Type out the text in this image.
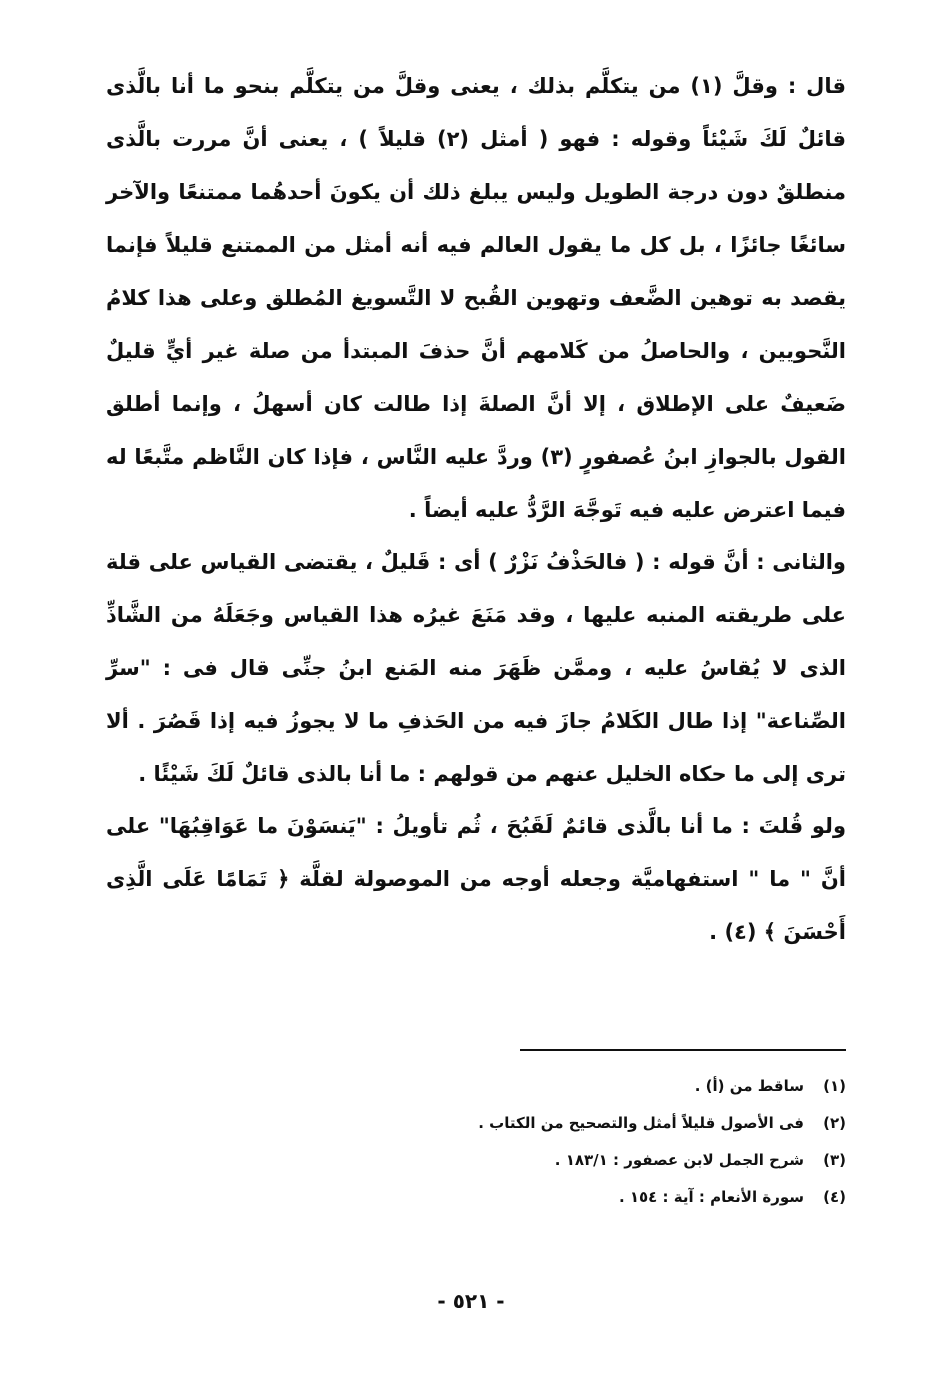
قال : وقلَّ (١) من يتكلَّم بذلك ، يعنى وقلَّ من يتكلَّم بنحو ما أنا بالَّذى قائلٌ لَكَ شَيْئاً وقوله : فهو ( أمثل (٢) قليلاً ) ، يعنى أنَّ مررت بالَّذى منطلقٌ دون درجة الطويل وليس يبلغ ذلك أن يكونَ أحدهُما ممتنعًا والآخر سائغًا جائزًا ، بل كل ما يقول العالم فيه أنه أمثل من الممتنع قليلاً فإنما يقصد به توهين الضَّعف وتهوين القُبح لا التَّسويغ المُطلق وعلى هذا كلامُ النَّحويين ، والحاصلُ من كَلامهم أنَّ حذفَ المبتدأ من صلة غير أيٍّ قليلٌ ضَعيفٌ على الإطلاق ، إلا أنَّ الصلةَ إذا طالت كان أسهلُ ، وإنما أطلق القول بالجوازِ ابنُ عُصفورٍ (٣) وردَّ عليه النَّاس ، فإذا كان النَّاظم متَّبعًا له فيما اعترض عليه فيه تَوجَّهَ الرَّدُّ عليه أيضاً .

والثانى : أنَّ قوله : ( فالحَذْفُ نَزْرٌ ) أى : قَليلٌ ، يقتضى القياس على قلة على طريقته المنبه عليها ، وقد مَنَعَ غيرُه هذا القياس وجَعَلَهُ من الشَّاذِّ الذى لا يُقاسُ عليه ، وممَّن ظَهَرَ منه المَنع ابنُ جنِّى قال فى : "سرِّ الصِّناعة" إذا طال الكَلامُ جازَ فيه من الحَذفِ ما لا يجوزُ فيه إذا قَصُرَ . ألا ترى إلى ما حكاه الخليل عنهم من قولهم : ما أنا بالذى قائلٌ لَكَ شَيْئًا .

ولو قُلتَ : ما أنا بالَّذى قائمٌ لَقَبُحَ ، ثُم تأويلُ : "يَنسَوْنَ ما عَوَاقِبُهَا" على أنَّ " ما " استفهاميَّة وجعله أوجه من الموصولة لقلَّة ﴿ تَمَامًا عَلَى الَّذِى أَحْسَنَ ﴾ (٤) .

(١)ساقط من (أ) .
(٢)فى الأصول قليلاً أمثل والتصحيح من الكتاب .
(٣)شرح الجمل لابن عصفور : ١٨٣/١ .
(٤)سورة الأنعام : آية : ١٥٤ .
- ٥٢١ -
